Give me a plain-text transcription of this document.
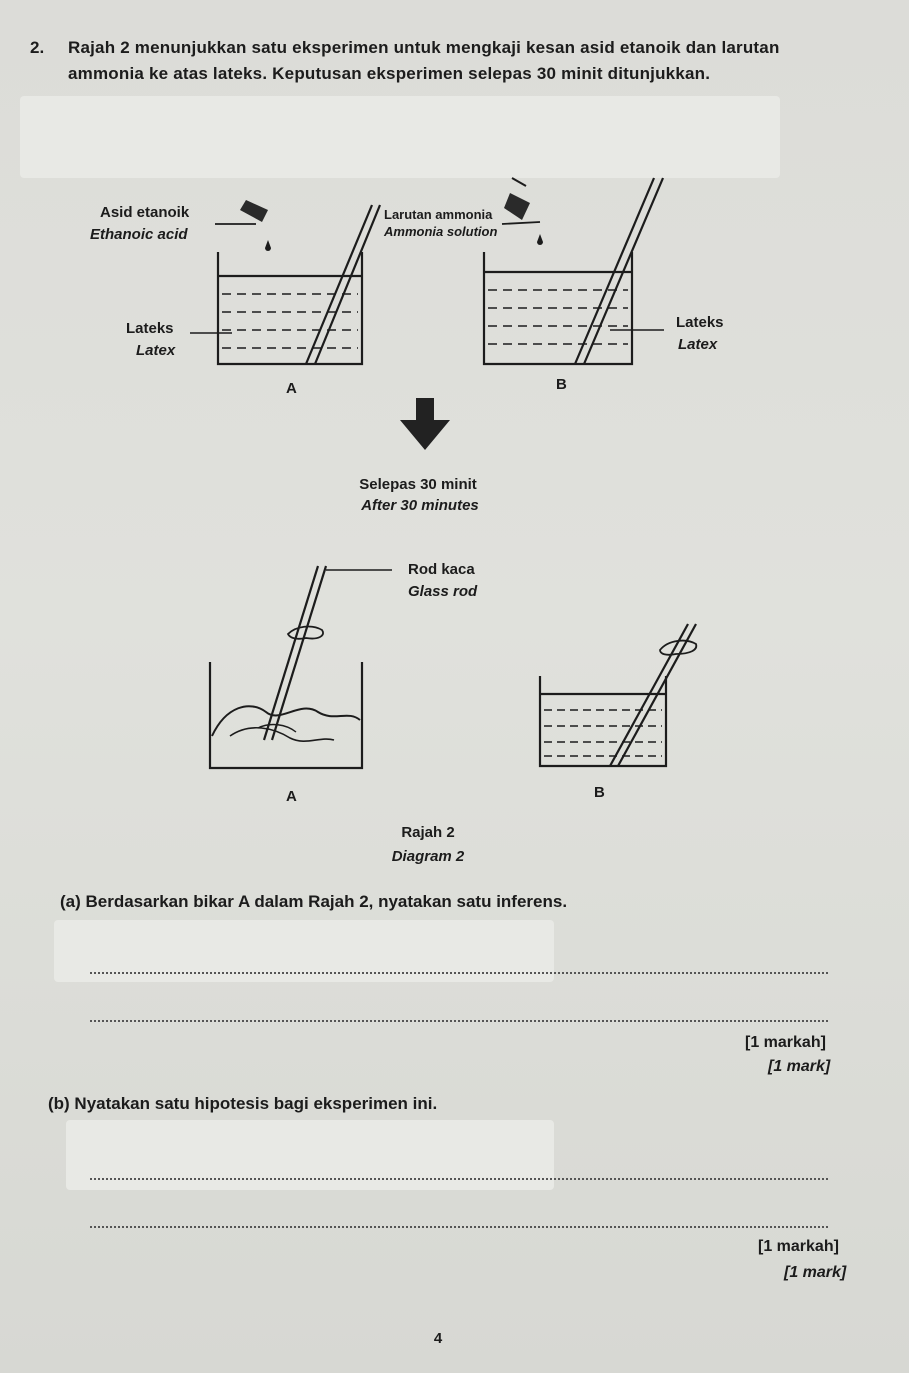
2. Rajah 2 menunjukkan satu eksperimen untuk mengkaji kesan asid etanoik dan larutan
ammonia ke atas lateks. Keputusan eksperimen selepas 30 minit ditunjukkan.
Asid etanoik
Ethanoic acid
Larutan ammonia
Ammonia solution
Lateks
Latex
Lateks
Latex
A	B
Selepas 30 minit
After 30 minutes
Rod kaca
Glass rod
A	B
Rajah 2
Diagram 2
(a) Berdasarkan bikar A dalam Rajah 2, nyatakan satu inferens.
[1 markah]
[1 mark]
(b) Nyatakan satu hipotesis bagi eksperimen ini.
[1 markah]
[1 mark]
4
